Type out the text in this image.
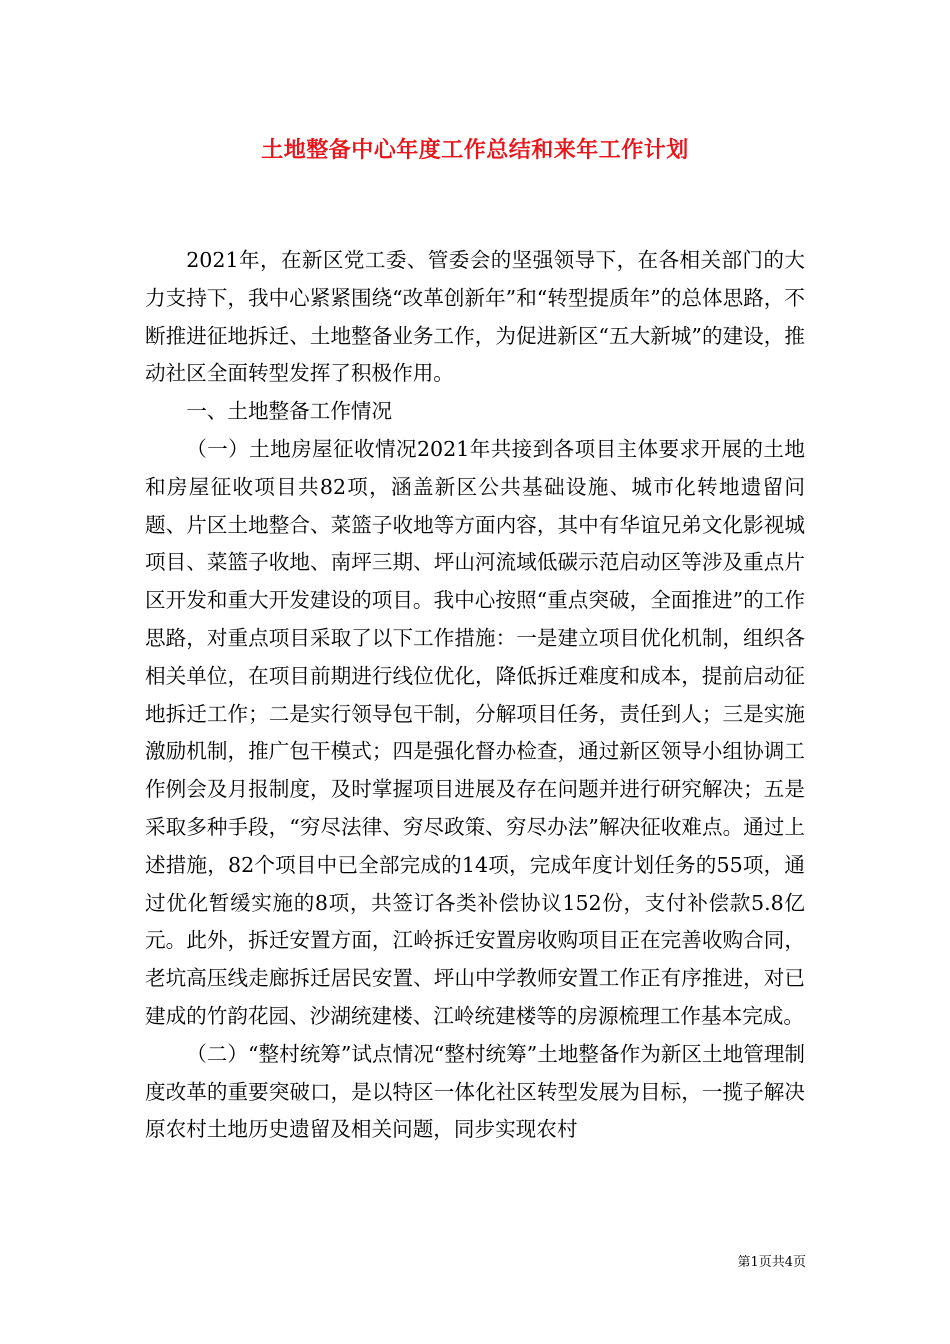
土地整备中心年度工作总结和来年工作计划

2021年，在新区党工委、管委会的坚强领导下，在各相关部门的大力支持下，我中心紧紧围绕“改革创新年”和“转型提质年”的总体思路，不断推进征地拆迁、土地整备业务工作，为促进新区“五大新城”的建设，推动社区全面转型发挥了积极作用。

一、土地整备工作情况

（一）土地房屋征收情况2021年共接到各项目主体要求开展的土地和房屋征收项目共82项，涵盖新区公共基础设施、城市化转地遗留问题、片区土地整合、菜篮子收地等方面内容，其中有华谊兄弟文化影视城项目、菜篮子收地、南坪三期、坪山河流域低碳示范启动区等涉及重点片区开发和重大开发建设的项目。我中心按照“重点突破，全面推进”的工作思路，对重点项目采取了以下工作措施：一是建立项目优化机制，组织各相关单位，在项目前期进行线位优化，降低拆迁难度和成本，提前启动征地拆迁工作；二是实行领导包干制，分解项目任务，责任到人；三是实施激励机制，推广包干模式；四是强化督办检查，通过新区领导小组协调工作例会及月报制度，及时掌握项目进展及存在问题并进行研究解决；五是采取多种手段，“穷尽法律、穷尽政策、穷尽办法”解决征收难点。通过上述措施，82个项目中已全部完成的14项，完成年度计划任务的55项，通过优化暂缓实施的8项，共签订各类补偿协议152份，支付补偿款5.8亿元。此外，拆迁安置方面，江岭拆迁安置房收购项目正在完善收购合同，老坑高压线走廊拆迁居民安置、坪山中学教师安置工作正有序推进，对已建成的竹韵花园、沙湖统建楼、江岭统建楼等的房源梳理工作基本完成。

（二）“整村统筹”试点情况“整村统筹”土地整备作为新区土地管理制度改革的重要突破口，是以特区一体化社区转型发展为目标，一揽子解决原农村土地历史遗留及相关问题，同步实现农村

第1页共4页
